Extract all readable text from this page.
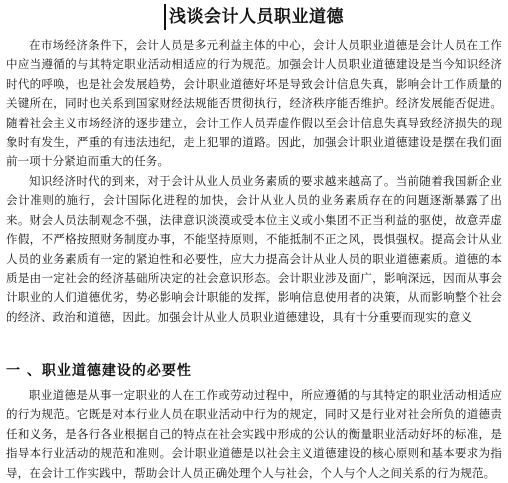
浅谈会计人员职业道德

在市场经济条件下，会计人员是多元利益主体的中心，会计人员职业道德是会计人员在工作中应当遵循的与其特定职业活动相适应的行为规范。加强会计人员职业道德建设是当今知识经济时代的呼唤，也是社会发展趋势，会计职业道德好坏是导致会计信息失真，影响会计工作质量的关键所在，同时也关系到国家财经法规能否贯彻执行，经济秩序能否维护。经济发展能否促进。随着社会主义市场经济的逐步建立，会计工作人员弄虚作假以至会计信息失真导致经济损失的现象时有发生，严重的有违法违纪，走上犯罪的道路。因此，加强会计职业道德建设是摆在我们面前一项十分紧迫而重大的任务。

知识经济时代的到来，对于会计从业人员业务素质的要求越来越高了。当前随着我国新企业会计准则的施行，会计国际化进程的加快，会计从业人员的业务素质存在的问题逐渐暴露了出来。财会人员法制观念不强，法律意识淡漠或受本位主义或小集团不正当利益的驱使，故意弄虚作假，不严格按照财务制度办事，不能坚持原则，不能抵制不正之风，畏惧强权。提高会计从业人员的业务素质有一定的紧迫性和必要性，应大力提高会计从业人员的职业道德素质。道德的本质是由一定社会的经济基础所决定的社会意识形态。会计职业涉及面广，影响深远，因而从事会计职业的人们道德优劣，势必影响会计职能的发挥，影响信息使用者的决策，从而影响整个社会的经济、政治和道德，因此。加强会计从业人员职业道德建设，具有十分重要而现实的意义

一 、职业道德建设的必要性

职业道德是从事一定职业的人在工作或劳动过程中，所应遵循的与其特定的职业活动相适应的行为规范。它既是对本行业人员在职业活动中行为的规定，同时又是行业对社会所负的道德责任和义务，是各行各业根据自己的特点在社会实践中形成的公认的衡量职业活动好坏的标准，是指导本行业活动的规范和准则。会计职业道德是以社会主义道德建设的核心原则和基本要求为指导，在会计工作实践中，帮助会计人员正确处理个人与社会，个人与个人之间关系的行为规范。
